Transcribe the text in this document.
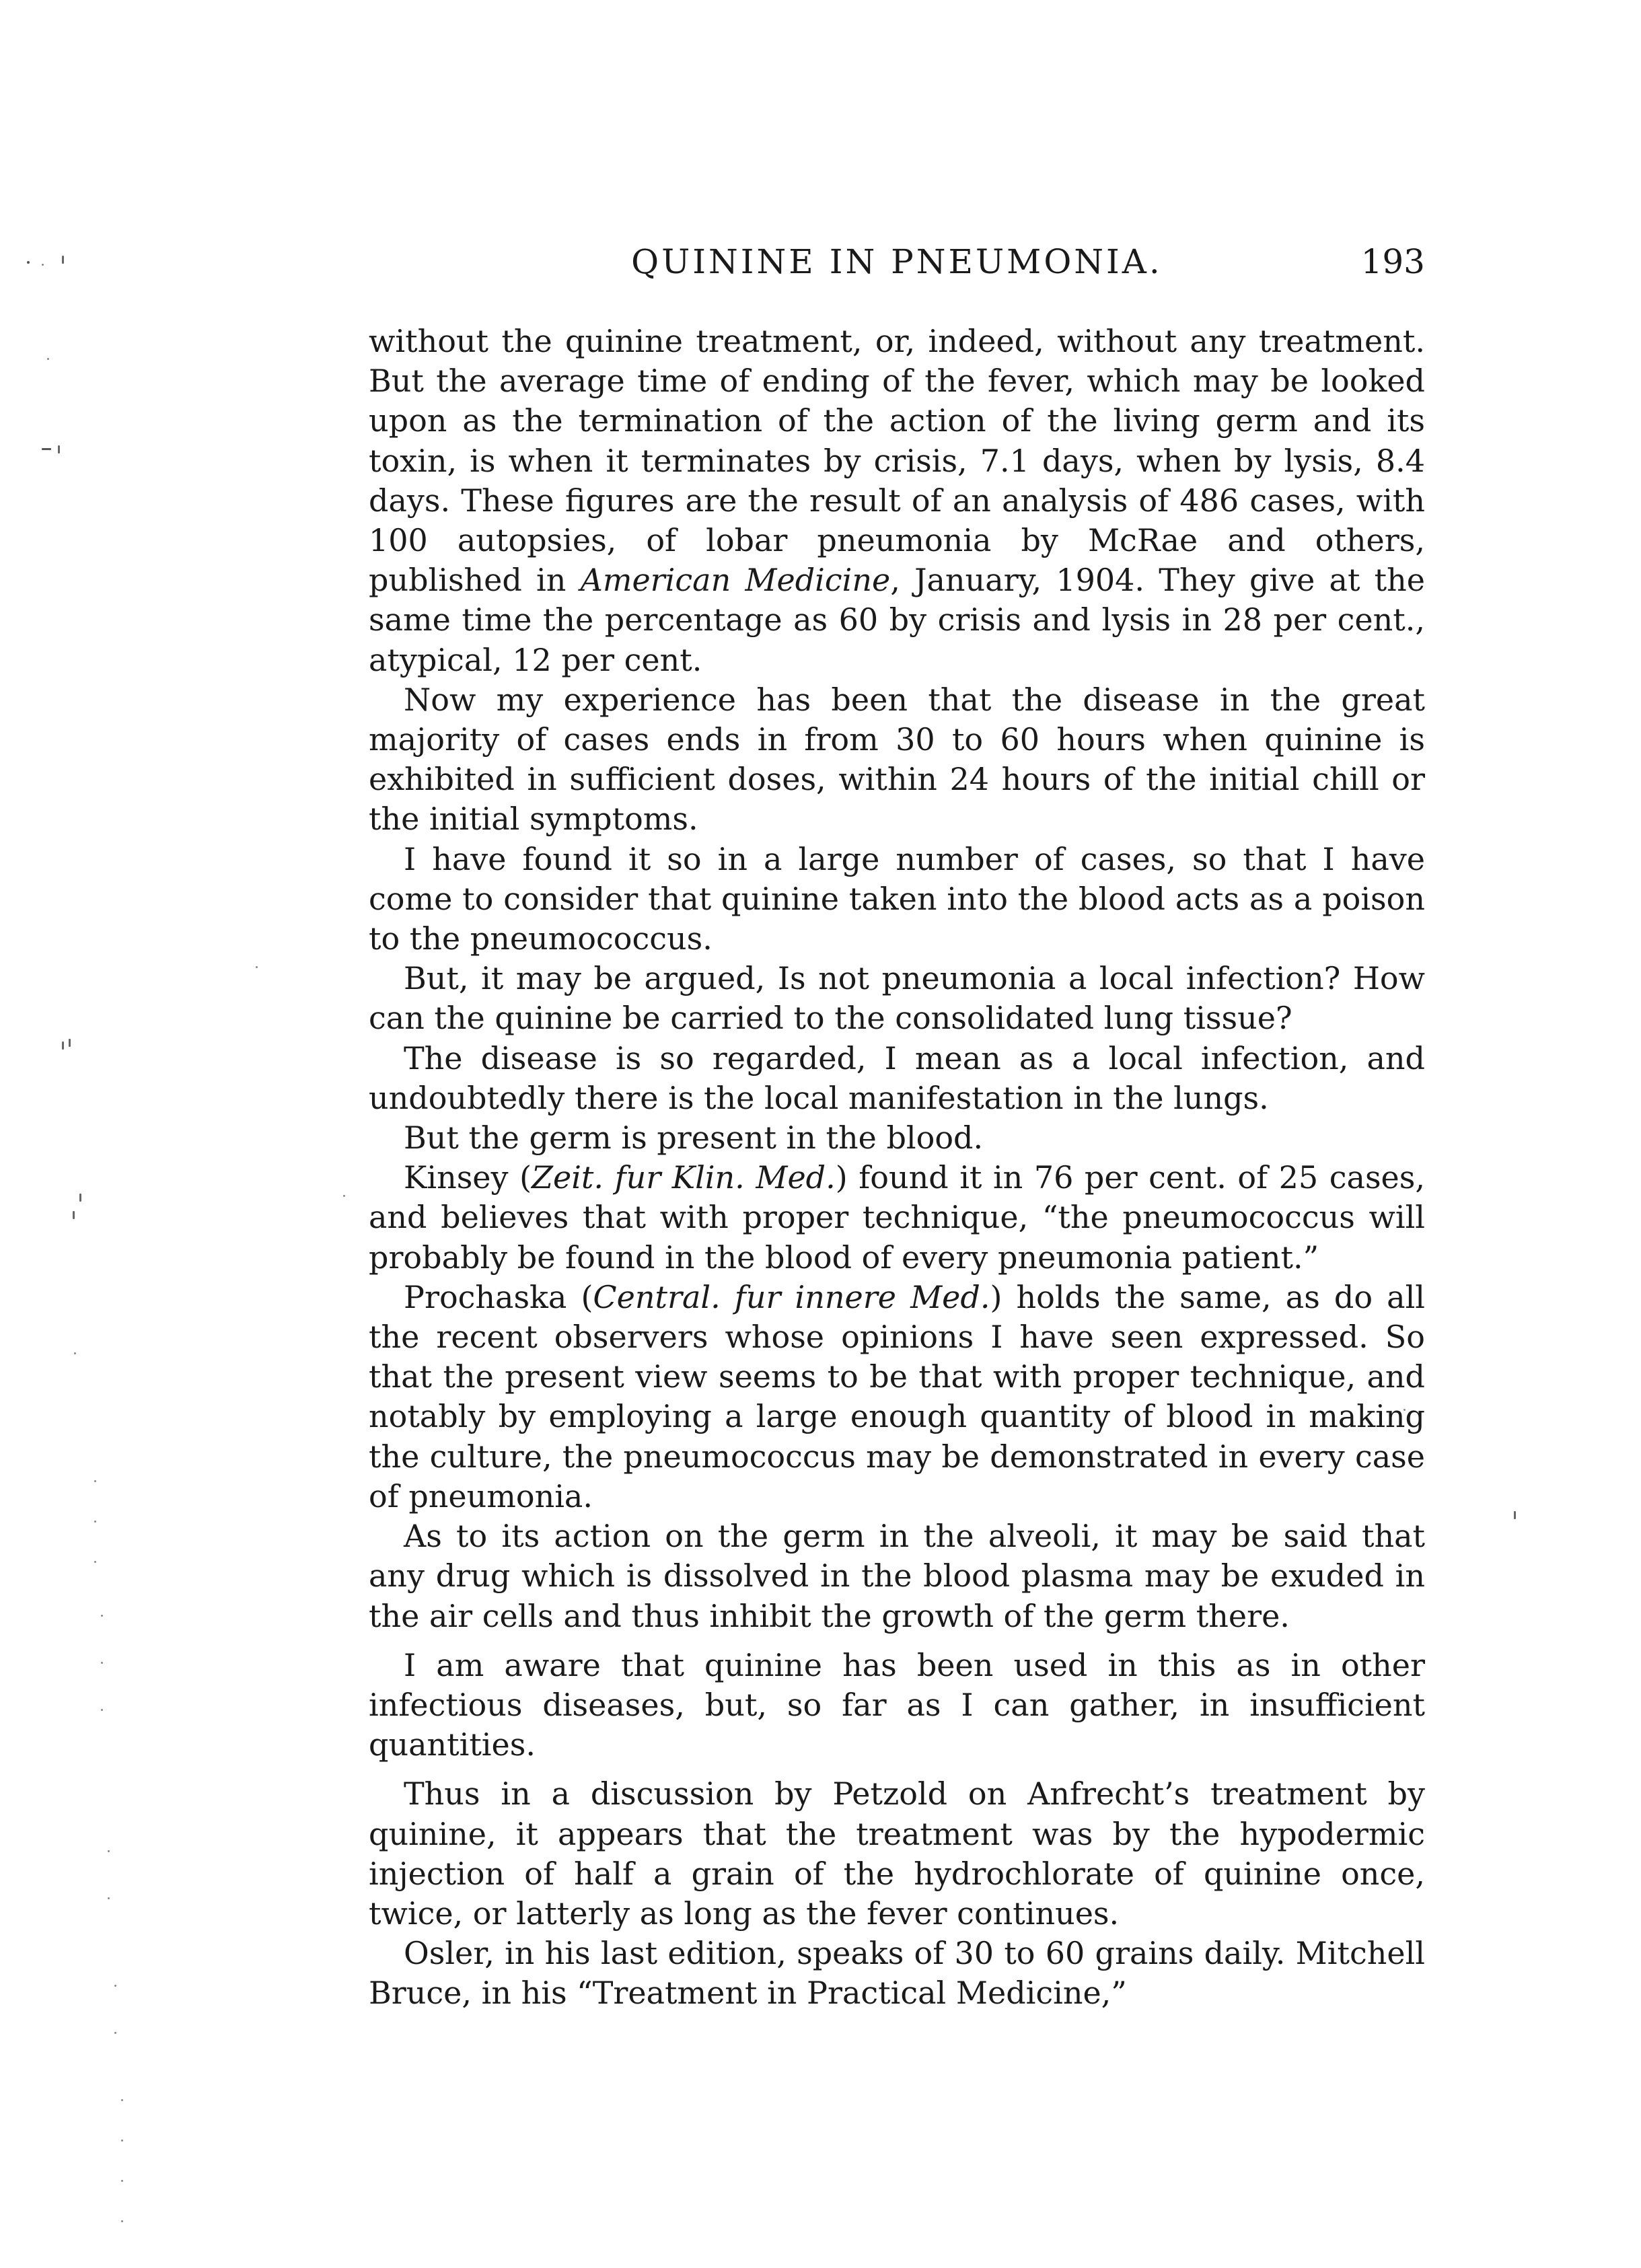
QUININE IN PNEUMONIA.	193

without the quinine treatment, or, indeed, without any treatment. But the average time of ending of the fever, which may be looked upon as the termination of the action of the living germ and its toxin, is when it terminates by crisis, 7.1 days, when by lysis, 8.4 days. These figures are the result of an analysis of 486 cases, with 100 autopsies, of lobar pneumonia by McRae and others, published in American Medicine, January, 1904. They give at the same time the percentage as 60 by crisis and lysis in 28 per cent., atypical, 12 per cent.

Now my experience has been that the disease in the great majority of cases ends in from 30 to 60 hours when quinine is exhibited in sufficient doses, within 24 hours of the initial chill or the initial symptoms.

I have found it so in a large number of cases, so that I have come to consider that quinine taken into the blood acts as a poison to the pneumococcus.

But, it may be argued, Is not pneumonia a local infection? How can the quinine be carried to the consolidated lung tissue?

The disease is so regarded, I mean as a local infection, and undoubtedly there is the local manifestation in the lungs.

But the germ is present in the blood.

Kinsey (Zeit. fur Klin. Med.) found it in 76 per cent. of 25 cases, and believes that with proper technique, “the pneumococcus will probably be found in the blood of every pneumonia patient.”

Prochaska (Central. fur innere Med.) holds the same, as do all the recent observers whose opinions I have seen expressed. So that the present view seems to be that with proper technique, and notably by employing a large enough quantity of blood in making the culture, the pneumococcus may be demonstrated in every case of pneumonia.

As to its action on the germ in the alveoli, it may be said that any drug which is dissolved in the blood plasma may be exuded in the air cells and thus inhibit the growth of the germ there.

I am aware that quinine has been used in this as in other infectious diseases, but, so far as I can gather, in insufficient quantities.

Thus in a discussion by Petzold on Anfrecht’s treatment by quinine, it appears that the treatment was by the hypodermic injection of half a grain of the hydrochlorate of quinine once, twice, or latterly as long as the fever continues.

Osler, in his last edition, speaks of 30 to 60 grains daily. Mitchell Bruce, in his “Treatment in Practical Medicine,”
